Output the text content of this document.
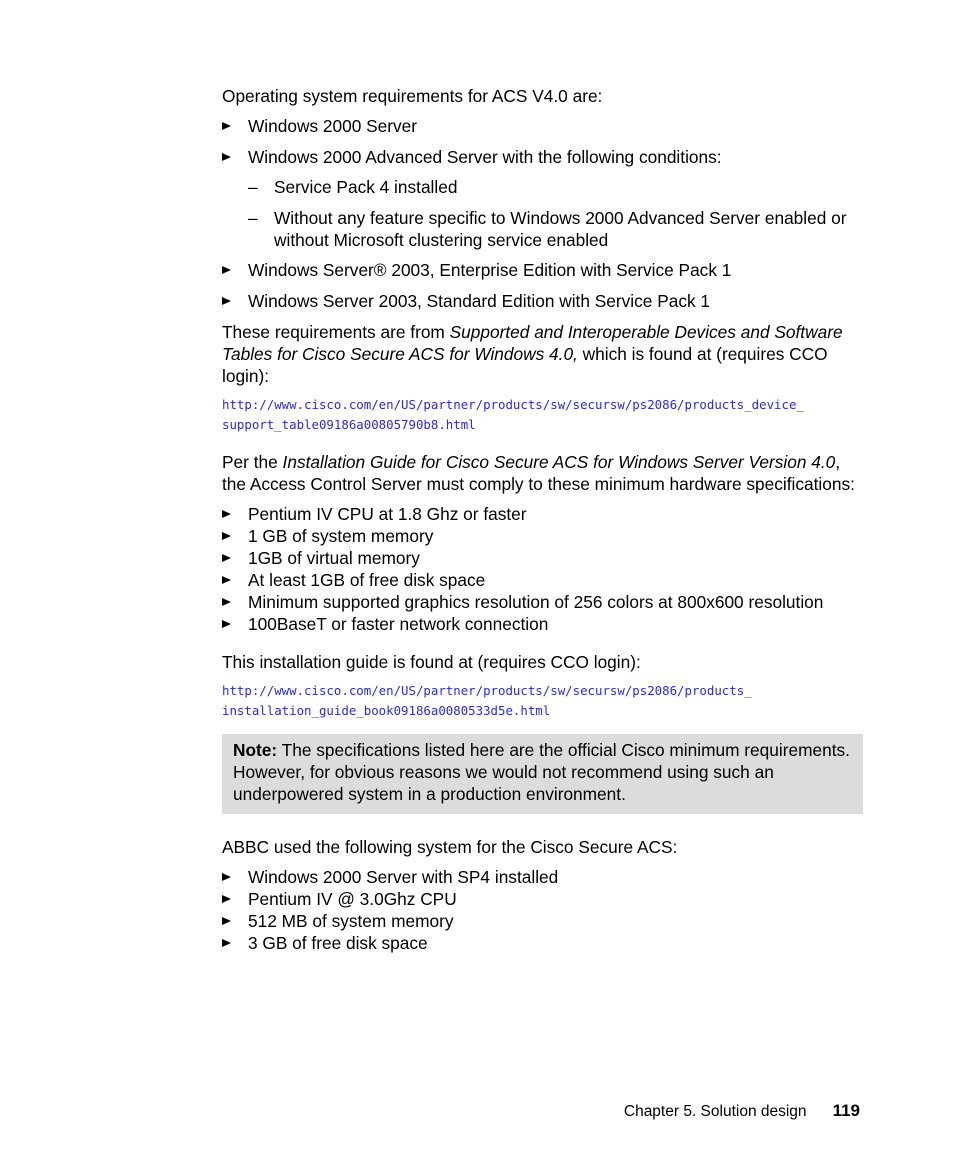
Operating system requirements for ACS V4.0 are:

Windows 2000 Server
Windows 2000 Advanced Server with the following conditions:
– Service Pack 4 installed
– Without any feature specific to Windows 2000 Advanced Server enabled or without Microsoft clustering service enabled
Windows Server® 2003, Enterprise Edition with Service Pack 1
Windows Server 2003, Standard Edition with Service Pack 1

These requirements are from Supported and Interoperable Devices and Software Tables for Cisco Secure ACS for Windows 4.0, which is found at (requires CCO login):

http://www.cisco.com/en/US/partner/products/sw/secursw/ps2086/products_device_
support_table09186a00805790b8.html

Per the Installation Guide for Cisco Secure ACS for Windows Server Version 4.0, the Access Control Server must comply to these minimum hardware specifications:

Pentium IV CPU at 1.8 Ghz or faster
1 GB of system memory
1GB of virtual memory
At least 1GB of free disk space
Minimum supported graphics resolution of 256 colors at 800x600 resolution
100BaseT or faster network connection

This installation guide is found at (requires CCO login):

http://www.cisco.com/en/US/partner/products/sw/secursw/ps2086/products_
installation_guide_book09186a0080533d5e.html
Note: The specifications listed here are the official Cisco minimum requirements. However, for obvious reasons we would not recommend using such an underpowered system in a production environment.

ABBC used the following system for the Cisco Secure ACS:

Windows 2000 Server with SP4 installed
Pentium IV @ 3.0Ghz CPU
512 MB of system memory
3 GB of free disk space
Chapter 5. Solution design 119
